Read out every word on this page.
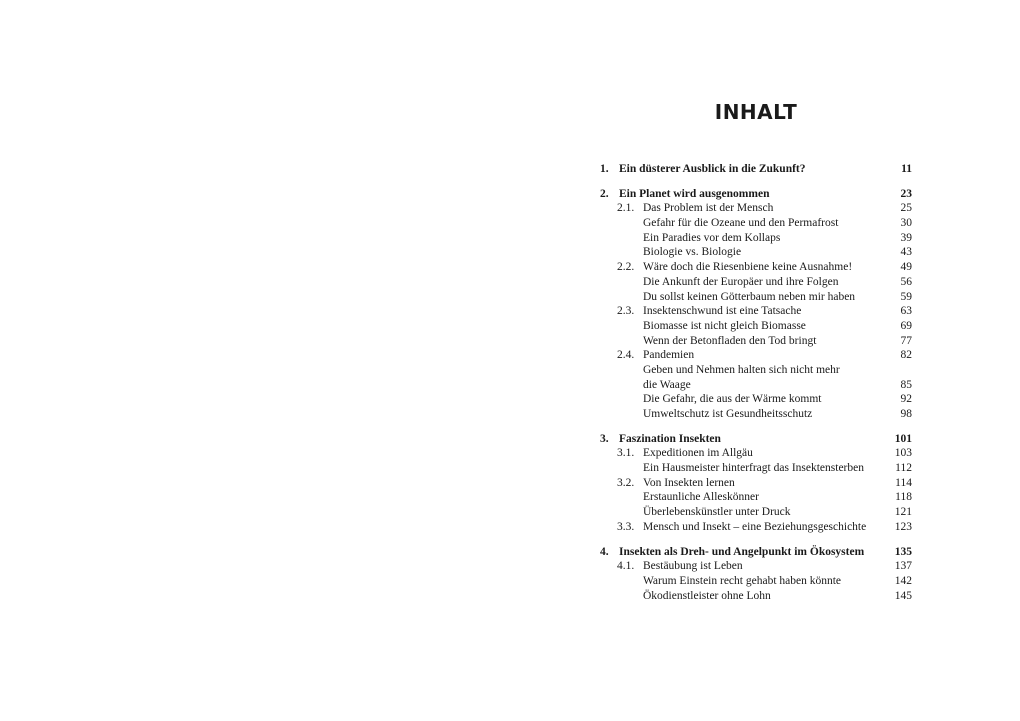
INHALT
1. Ein düsterer Ausblick in die Zukunft?	11
2. Ein Planet wird ausgenommen	23
2.1. Das Problem ist der Mensch	25
Gefahr für die Ozeane und den Permafrost	30
Ein Paradies vor dem Kollaps	39
Biologie vs. Biologie	43
2.2. Wäre doch die Riesenbiene keine Ausnahme!	49
Die Ankunft der Europäer und ihre Folgen	56
Du sollst keinen Götterbaum neben mir haben	59
2.3. Insektenschwund ist eine Tatsache	63
Biomasse ist nicht gleich Biomasse	69
Wenn der Betonfladen den Tod bringt	77
2.4. Pandemien	82
Geben und Nehmen halten sich nicht mehr
die Waage	85
Die Gefahr, die aus der Wärme kommt	92
Umweltschutz ist Gesundheitsschutz	98
3. Faszination Insekten	101
3.1. Expeditionen im Allgäu	103
Ein Hausmeister hinterfragt das Insektensterben	112
3.2. Von Insekten lernen	114
Erstaunliche Alleskönner	118
Überlebenskünstler unter Druck	121
3.3. Mensch und Insekt – eine Beziehungsgeschichte	123
4. Insekten als Dreh- und Angelpunkt im Ökosystem	135
4.1. Bestäubung ist Leben	137
Warum Einstein recht gehabt haben könnte	142
Ökodienstleister ohne Lohn	145
